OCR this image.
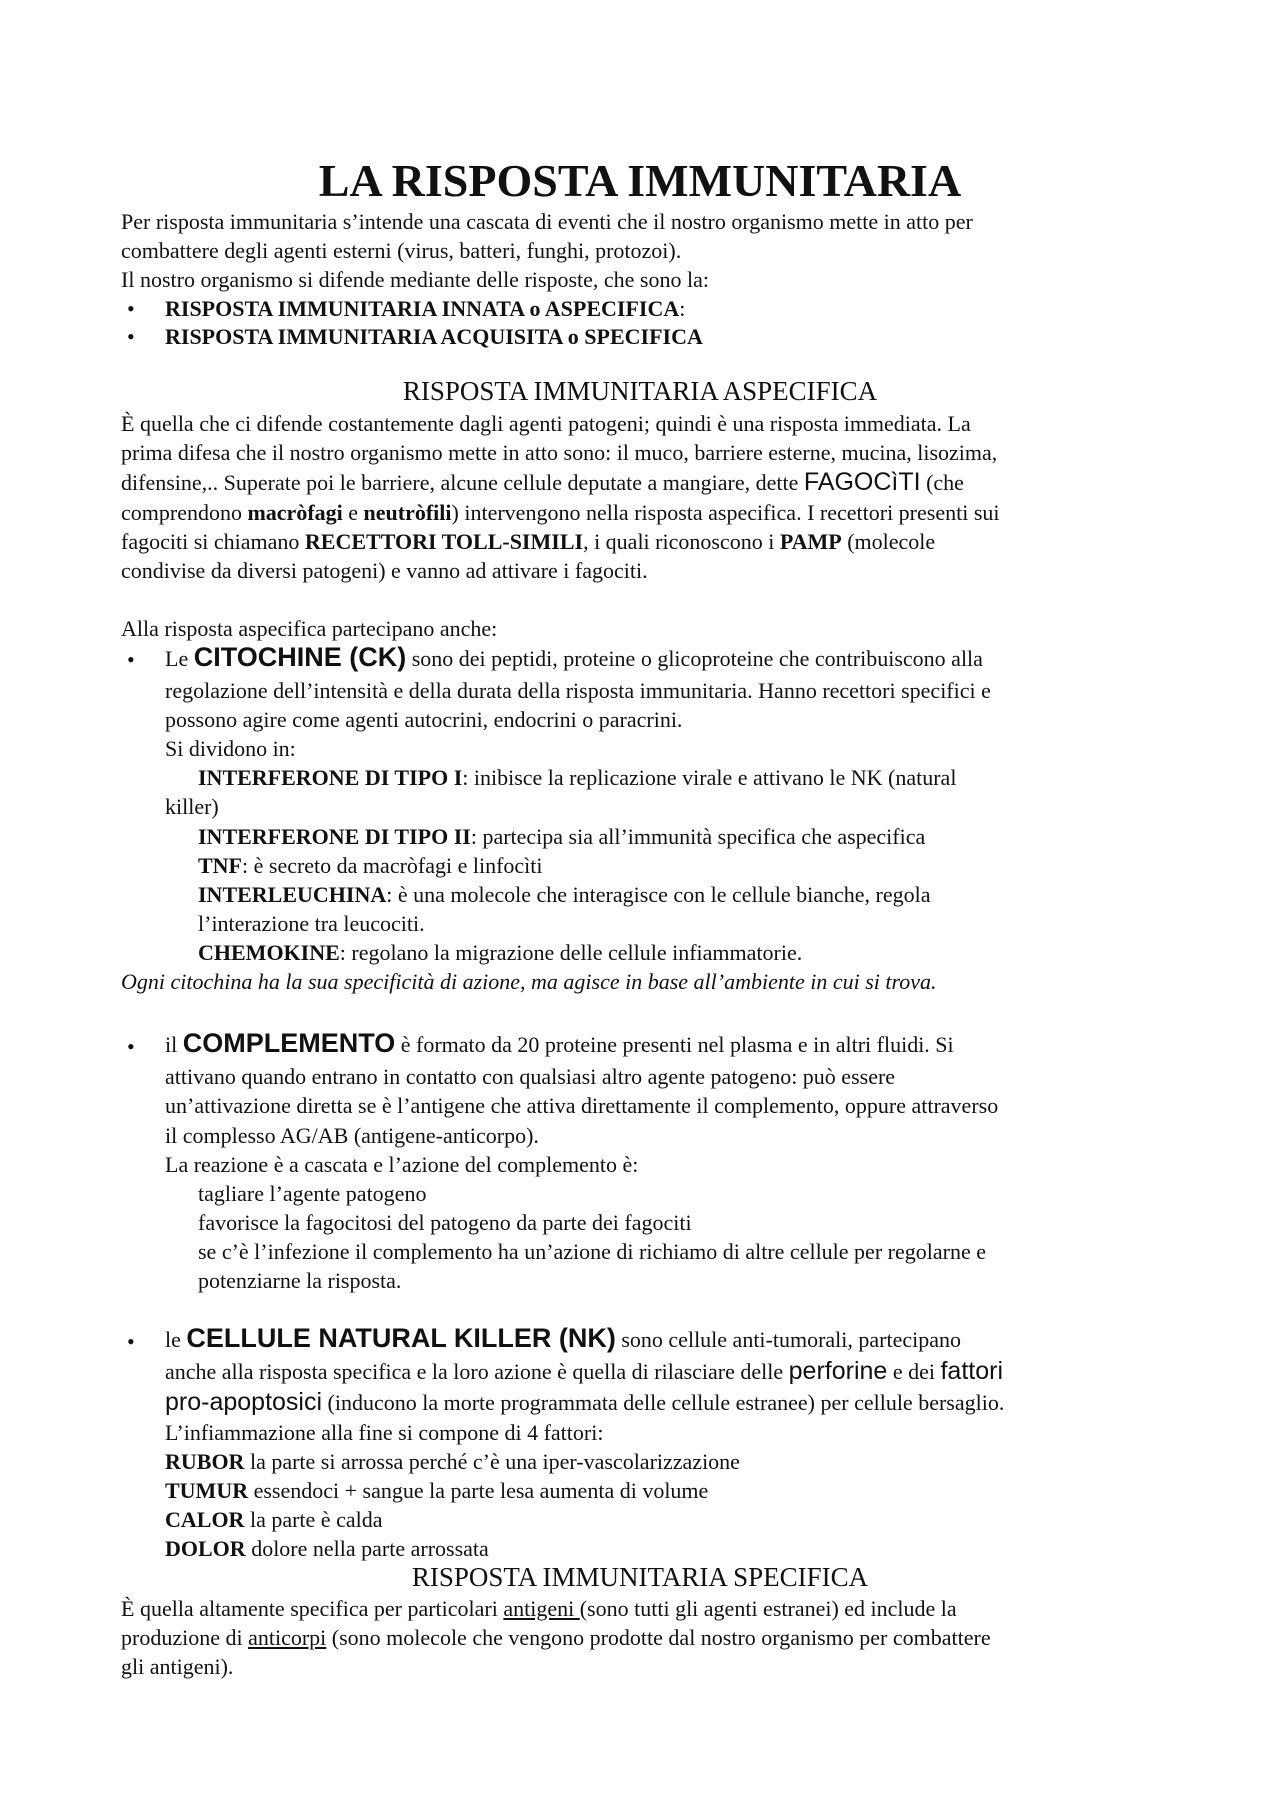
LA RISPOSTA IMMUNITARIA
Per risposta immunitaria s’intende una cascata di eventi che il nostro organismo mette in atto per
combattere degli agenti esterni (virus, batteri, funghi, protozoi).
Il nostro organismo si difende mediante delle risposte, che sono la:
• RISPOSTA IMMUNITARIA INNATA o ASPECIFICA:
• RISPOSTA IMMUNITARIA ACQUISITA o SPECIFICA
RISPOSTA IMMUNITARIA ASPECIFICA
È quella che ci difende costantemente dagli agenti patogeni; quindi è una risposta immediata. La
prima difesa che il nostro organismo mette in atto sono: il muco, barriere esterne, mucina, lisozima,
difensine,.. Superate poi le barriere, alcune cellule deputate a mangiare, dette FAGOCìTI (che
comprendono macròfagi e neutròfili) intervengono nella risposta aspecifica. I recettori presenti sui
fagociti si chiamano RECETTORI TOLL-SIMILI, i quali riconoscono i PAMP (molecole
condivise da diversi patogeni) e vanno ad attivare i fagociti.
Alla risposta aspecifica partecipano anche:
• Le CITOCHINE (CK) sono dei peptidi, proteine o glicoproteine che contribuiscono alla
regolazione dell’intensità e della durata della risposta immunitaria. Hanno recettori specifici e
possono agire come agenti autocrini, endocrini o paracrini.
Si dividono in:
INTERFERONE DI TIPO I: inibisce la replicazione virale e attivano le NK (natural
killer)
INTERFERONE DI TIPO II: partecipa sia all’immunità specifica che aspecifica
TNF: è secreto da macròfagi e linfocìti
INTERLEUCHINA: è una molecole che interagisce con le cellule bianche, regola
l’interazione tra leucociti.
CHEMOKINE: regolano la migrazione delle cellule infiammatorie.
Ogni citochina ha la sua specificità di azione, ma agisce in base all’ambiente in cui si trova.
• il COMPLEMENTO è formato da 20 proteine presenti nel plasma e in altri fluidi. Si
attivano quando entrano in contatto con qualsiasi altro agente patogeno: può essere
un’attivazione diretta se è l’antigene che attiva direttamente il complemento, oppure attraverso
il complesso AG/AB (antigene-anticorpo).
La reazione è a cascata e l’azione del complemento è:
tagliare l’agente patogeno
favorisce la fagocitosi del patogeno da parte dei fagociti
se c’è l’infezione il complemento ha un’azione di richiamo di altre cellule per regolarne e
potenziarne la risposta.
• le CELLULE NATURAL KILLER (NK) sono cellule anti-tumorali, partecipano
anche alla risposta specifica e la loro azione è quella di rilasciare delle perforine e dei fattori
pro-apoptosici (inducono la morte programmata delle cellule estranee) per cellule bersaglio.
L’infiammazione alla fine si compone di 4 fattori:
RUBOR la parte si arrossa perché c’è una iper-vascolarizzazione
TUMUR essendoci + sangue la parte lesa aumenta di volume
CALOR la parte è calda
DOLOR dolore nella parte arrossata
RISPOSTA IMMUNITARIA SPECIFICA
È quella altamente specifica per particolari antigeni (sono tutti gli agenti estranei) ed include la
produzione di anticorpi (sono molecole che vengono prodotte dal nostro organismo per combattere
gli antigeni).
